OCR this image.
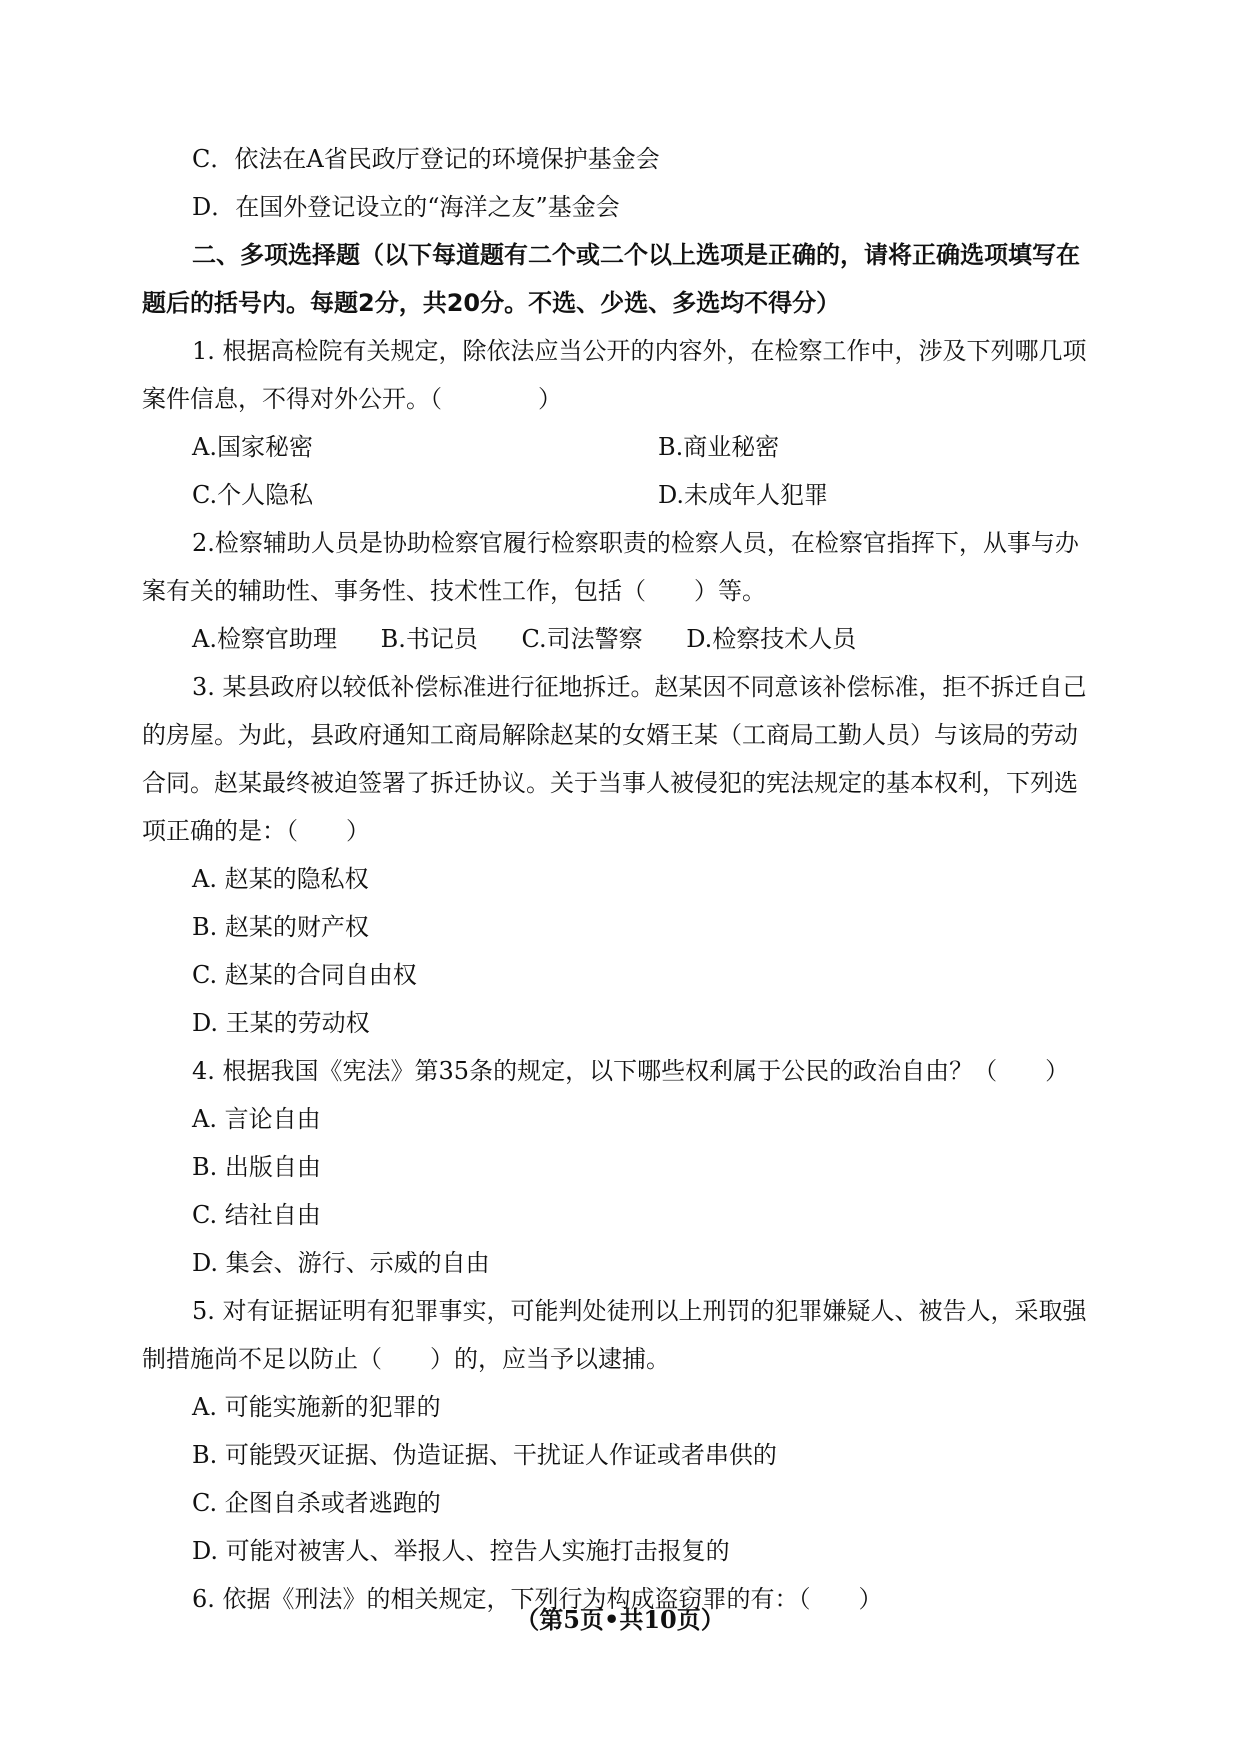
C．依法在A省民政厅登记的环境保护基金会
D．在国外登记设立的“海洋之友”基金会
二、多项选择题（以下每道题有二个或二个以上选项是正确的，请将正确选项填写在
题后的括号内。每题2分，共20分。不选、少选、多选均不得分）
1. 根据高检院有关规定，除依法应当公开的内容外，在检察工作中，涉及下列哪几项
案件信息，不得对外公开。（　　　　）
A.国家秘密	B.商业秘密
C.个人隐私	D.未成年人犯罪
2.检察辅助人员是协助检察官履行检察职责的检察人员，在检察官指挥下，从事与办
案有关的辅助性、事务性、技术性工作，包括（　　）等。
A.检察官助理 B.书记员 C.司法警察 D.检察技术人员
3. 某县政府以较低补偿标准进行征地拆迁。赵某因不同意该补偿标准，拒不拆迁自己
的房屋。为此，县政府通知工商局解除赵某的女婿王某（工商局工勤人员）与该局的劳动
合同。赵某最终被迫签署了拆迁协议。关于当事人被侵犯的宪法规定的基本权利，下列选
项正确的是：（　　）
A. 赵某的隐私权
B. 赵某的财产权
C. 赵某的合同自由权
D. 王某的劳动权
4. 根据我国《宪法》第35条的规定，以下哪些权利属于公民的政治自由？（　　）
A. 言论自由
B. 出版自由
C. 结社自由
D. 集会、游行、示威的自由
5. 对有证据证明有犯罪事实，可能判处徒刑以上刑罚的犯罪嫌疑人、被告人，采取强
制措施尚不足以防止（　　）的，应当予以逮捕。
A. 可能实施新的犯罪的
B. 可能毁灭证据、伪造证据、干扰证人作证或者串供的
C. 企图自杀或者逃跑的
D. 可能对被害人、举报人、控告人实施打击报复的
6. 依据《刑法》的相关规定，下列行为构成盗窃罪的有：（　　）
（第5页•共10页）
